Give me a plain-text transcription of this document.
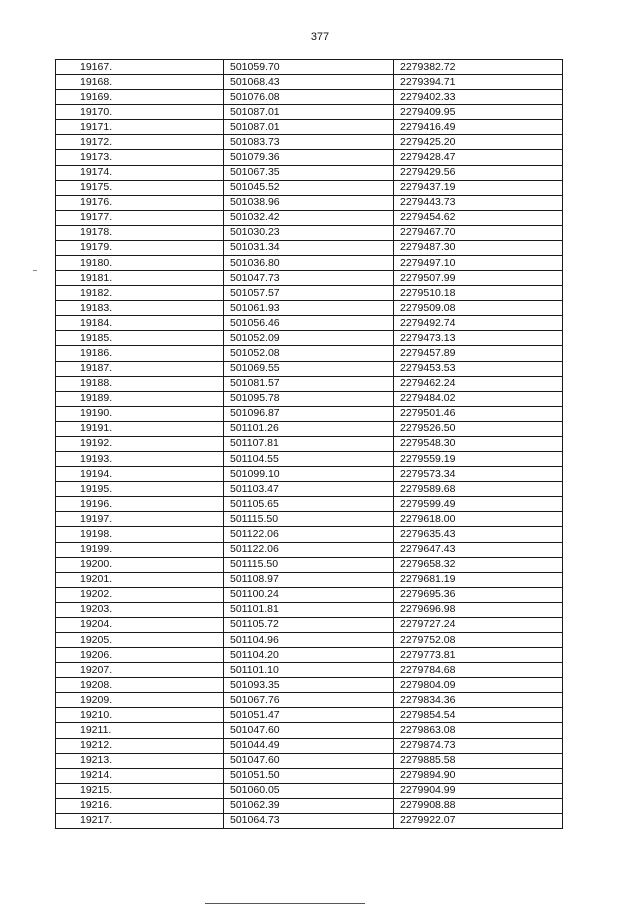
377
19167.	501059.70	2279382.72
19168.	501068.43	2279394.71
19169.	501076.08	2279402.33
19170.	501087.01	2279409.95
19171.	501087.01	2279416.49
19172.	501083.73	2279425.20
19173.	501079.36	2279428.47
19174.	501067.35	2279429.56
19175.	501045.52	2279437.19
19176.	501038.96	2279443.73
19177.	501032.42	2279454.62
19178.	501030.23	2279467.70
19179.	501031.34	2279487.30
19180.	501036.80	2279497.10
19181.	501047.73	2279507.99
19182.	501057.57	2279510.18
19183.	501061.93	2279509.08
19184.	501056.46	2279492.74
19185.	501052.09	2279473.13
19186.	501052.08	2279457.89
19187.	501069.55	2279453.53
19188.	501081.57	2279462.24
19189.	501095.78	2279484.02
19190.	501096.87	2279501.46
19191.	501101.26	2279526.50
19192.	501107.81	2279548.30
19193.	501104.55	2279559.19
19194.	501099.10	2279573.34
19195.	501103.47	2279589.68
19196.	501105.65	2279599.49
19197.	501115.50	2279618.00
19198.	501122.06	2279635.43
19199.	501122.06	2279647.43
19200.	501115.50	2279658.32
19201.	501108.97	2279681.19
19202.	501100.24	2279695.36
19203.	501101.81	2279696.98
19204.	501105.72	2279727.24
19205.	501104.96	2279752.08
19206.	501104.20	2279773.81
19207.	501101.10	2279784.68
19208.	501093.35	2279804.09
19209.	501067.76	2279834.36
19210.	501051.47	2279854.54
19211.	501047.60	2279863.08
19212.	501044.49	2279874.73
19213.	501047.60	2279885.58
19214.	501051.50	2279894.90
19215.	501060.05	2279904.99
19216.	501062.39	2279908.88
19217.	501064.73	2279922.07
